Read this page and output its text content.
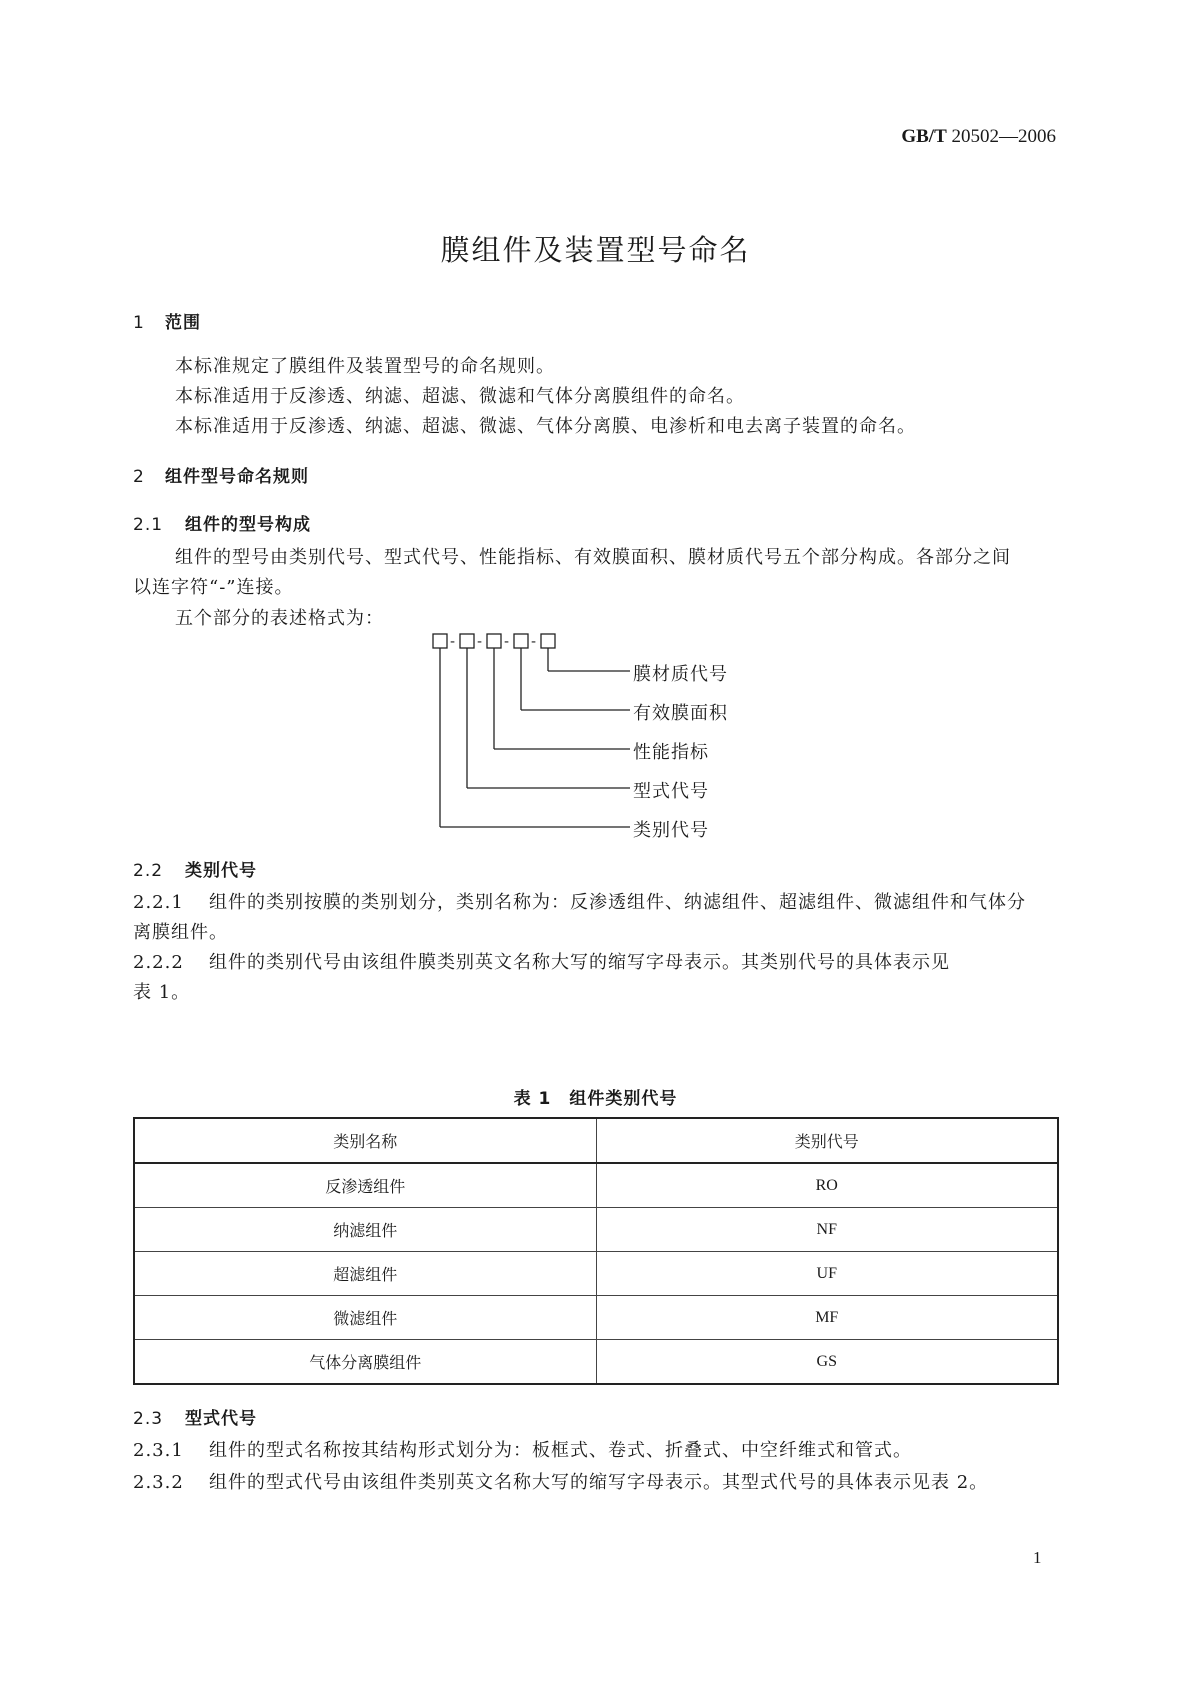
GB/T 20502—2006
膜组件及装置型号命名
1 范围

本标准规定了膜组件及装置型号的命名规则。

本标准适用于反渗透、纳滤、超滤、微滤和气体分离膜组件的命名。

本标准适用于反渗透、纳滤、超滤、微滤、气体分离膜、电渗析和电去离子装置的命名。

2 组件型号命名规则
2.1 组件的型号构成

组件的型号由类别代号、型式代号、性能指标、有效膜面积、膜材质代号五个部分构成。各部分之间

以连字符“-”连接。

五个部分的表述格式为：

- - - -
膜材质代号
有效膜面积
性能指标
型式代号
类别代号
2.2 类别代号

2.2.1 组件的类别按膜的类别划分，类别名称为：反渗透组件、纳滤组件、超滤组件、微滤组件和气体分

离膜组件。

2.2.2 组件的类别代号由该组件膜类别英文名称大写的缩写字母表示。其类别代号的具体表示见

表 1。

表 1　组件类别代号
类别名称	类别代号
反渗透组件	RO
纳滤组件	NF
超滤组件	UF
微滤组件	MF
气体分离膜组件	GS
2.3 型式代号

2.3.1 组件的型式名称按其结构形式划分为：板框式、卷式、折叠式、中空纤维式和管式。

2.3.2 组件的型式代号由该组件类别英文名称大写的缩写字母表示。其型式代号的具体表示见表 2。

1
